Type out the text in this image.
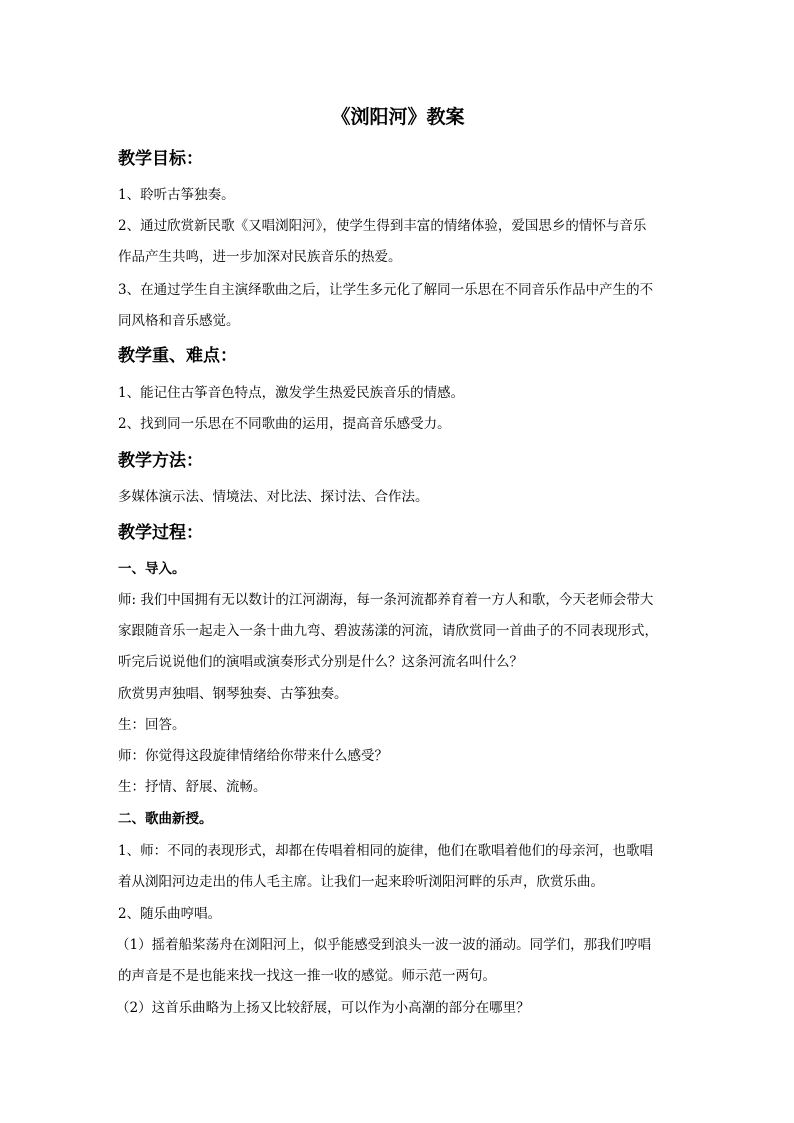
《浏阳河》教案
教学目标：
1、聆听古筝独奏。
2、通过欣赏新民歌《又唱浏阳河》，使学生得到丰富的情绪体验，爱国思乡的情怀与音乐
作品产生共鸣，进一步加深对民族音乐的热爱。
3、在通过学生自主演绎歌曲之后，让学生多元化了解同一乐思在不同音乐作品中产生的不
同风格和音乐感觉。
教学重、难点：
1、能记住古筝音色特点，激发学生热爱民族音乐的情感。
2、找到同一乐思在不同歌曲的运用，提高音乐感受力。
教学方法：
多媒体演示法、情境法、对比法、探讨法、合作法。
教学过程：
一、导入。
师: 我们中国拥有无以数计的江河湖海，每一条河流都养育着一方人和歌，今天老师会带大
家跟随音乐一起走入一条十曲九弯、碧波荡漾的河流，请欣赏同一首曲子的不同表现形式，
听完后说说他们的演唱或演奏形式分别是什么？这条河流名叫什么？
欣赏男声独唱、钢琴独奏、古筝独奏。
生：回答。
师：你觉得这段旋律情绪给你带来什么感受？
生：抒情、舒展、流畅。
二、歌曲新授。
1、师：不同的表现形式，却都在传唱着相同的旋律，他们在歌唱着他们的母亲河，也歌唱
着从浏阳河边走出的伟人毛主席。让我们一起来聆听浏阳河畔的乐声，欣赏乐曲。
2、随乐曲哼唱。
（1）摇着船桨荡舟在浏阳河上，似乎能感受到浪头一波一波的涌动。同学们，那我们哼唱
的声音是不是也能来找一找这一推一收的感觉。师示范一两句。
（2）这首乐曲略为上扬又比较舒展，可以作为小高潮的部分在哪里？
